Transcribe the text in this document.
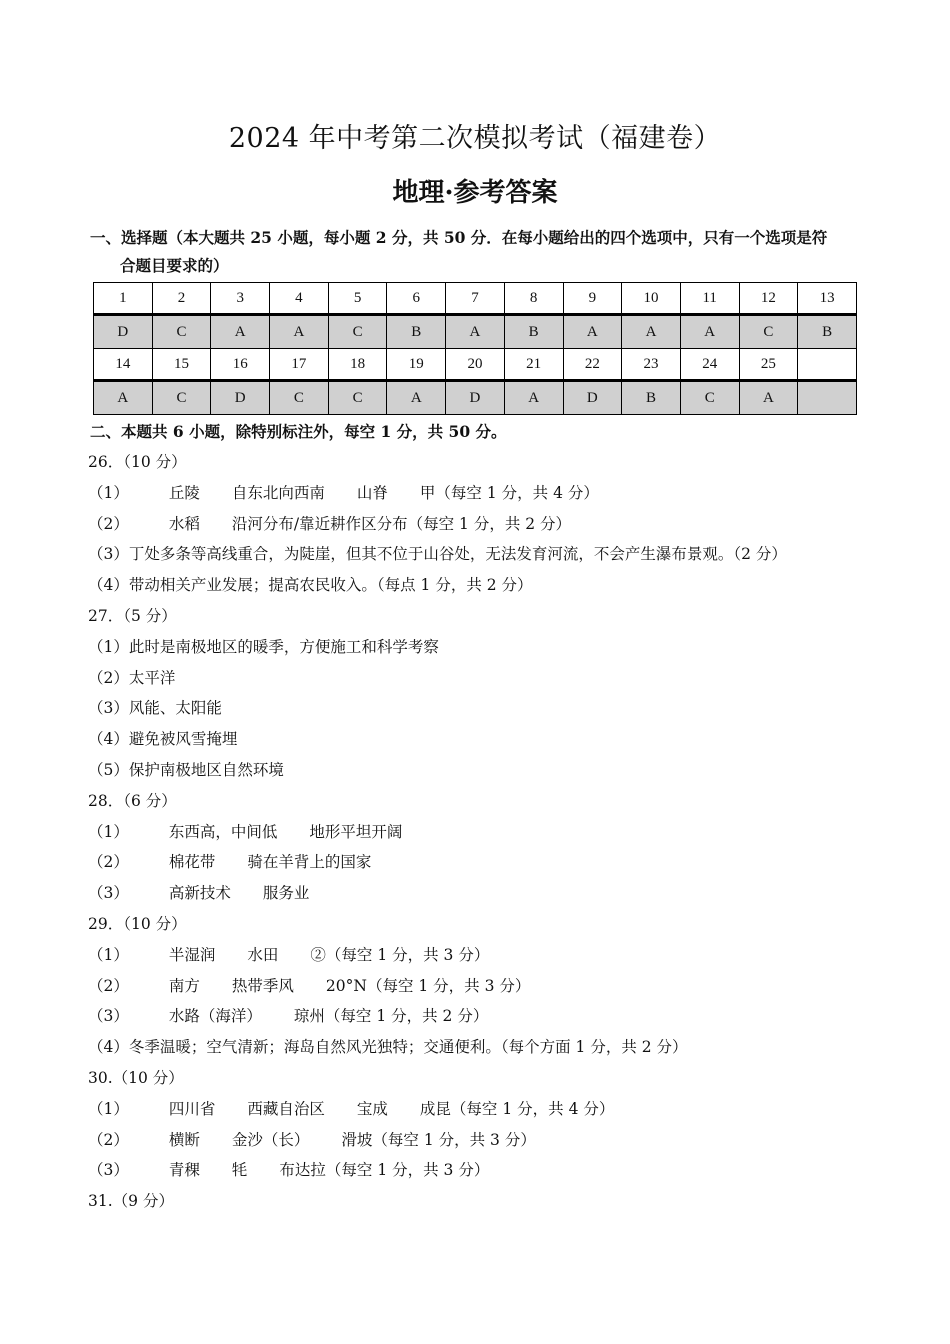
2024 年中考第二次模拟考试（福建卷）
地理·参考答案
一、选择题（本大题共 25 小题，每小题 2 分，共 50 分．在每小题给出的四个选项中，只有一个选项是符
合题目要求的）
1	2	3	4	5	6	7	8	9	10	11	12	13
D	C	A	A	C	B	A	B	A	A	A	C	B
14	15	16	17	18	19	20	21	22	23	24	25	
A	C	D	C	C	A	D	A	D	B	C	A	
二、本题共 6 小题，除特别标注外，每空 1 分，共 50 分。
26．（10 分）
（1）	丘陵 自东北向西南 山脊 甲（每空 1 分，共 4 分）
（2）	水稻 沿河分布/靠近耕作区分布（每空 1 分，共 2 分）
（3）丁处多条等高线重合，为陡崖，但其不位于山谷处，无法发育河流，不会产生瀑布景观。（2 分）
（4）带动相关产业发展；提高农民收入。（每点 1 分，共 2 分）
27．（5 分）
（1）此时是南极地区的暖季，方便施工和科学考察
（2）太平洋
（3）风能、太阳能
（4）避免被风雪掩埋
（5）保护南极地区自然环境
28．（6 分）
（1）	东西高，中间低 地形平坦开阔
（2）	棉花带 骑在羊背上的国家
（3）	高新技术 服务业
29．（10 分）
（1）	半湿润 水田 ②（每空 1 分，共 3 分）
（2）	南方 热带季风 20°N（每空 1 分，共 3 分）
（3）	水路（海洋） 琼州（每空 1 分，共 2 分）
（4）冬季温暖；空气清新；海岛自然风光独特；交通便利。（每个方面 1 分，共 2 分）
30.（10 分）
（1）	四川省 西藏自治区 宝成 成昆（每空 1 分，共 4 分）
（2）	横断 金沙（长） 滑坡（每空 1 分，共 3 分）
（3）	青稞 牦 布达拉（每空 1 分，共 3 分）
31.（9 分）
